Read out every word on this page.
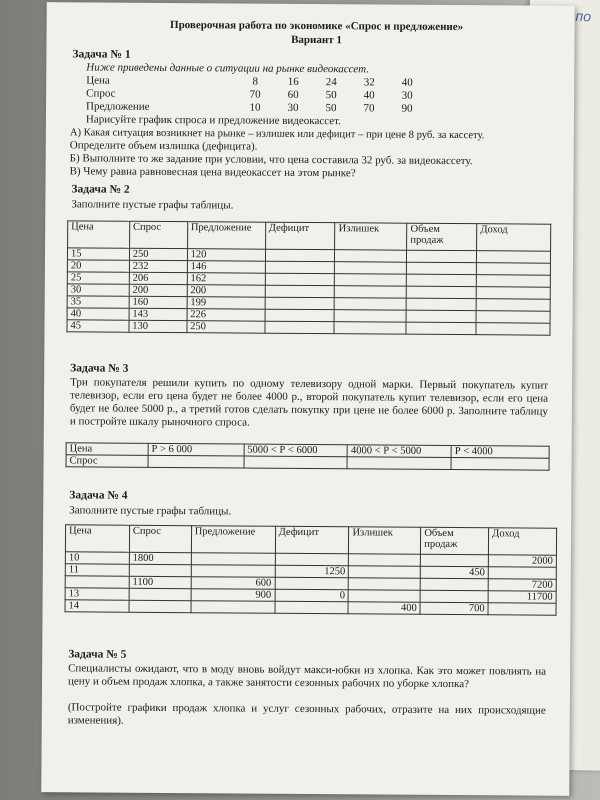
по
Проверочная работа по экономике «Спрос и предложение»
Вариант 1
Задача № 1
Ниже приведены данные о ситуации на рынке видеокассет.
Цена	8	16 24 32 40
Спрос	70 60 50 40 30
Предложение	10 30 50 70 90
Нарисуйте график спроса и предложение видеокассет.
А) Какая ситуация возникнет на рынке – излишек или дефицит – при цене 8 руб. за кассету.
Определите объем излишка (дефицита).
Б) Выполните то же задание при условии, что цена составила 32 руб. за видеокассету.
В) Чему равна равновесная цена видеокассет на этом рынке?
Задача № 2
Заполните пустые графы таблицы.
Цена	Спрос	Предложение	Дефицит	Излишек	Объем продаж	Доход
15	250	120				
20	232	146				
25	206	162				
30	200	200				
35	160	199				
40	143	226				
45	130	250				
Задача № 3
Три покупателя решили купить по одному телевизору одной марки. Первый покупатель купит телевизор, если его цена будет не более 4000 р., второй покупатель купит телевизор, если его цена будет не более 5000 р., а третий готов сделать покупку при цене не более 6000 р. Заполните таблицу и постройте шкалу рыночного спроса.
Цена	Р > 6 000	5000 < Р < 6000	4000 < Р < 5000	Р < 4000
Спрос				
Задача № 4
Заполните пустые графы таблицы.
Цена	Спрос	Предложение	Дефицит	Излишек	Объем продаж	Доход
10	1800					2000
11			1250		450	
	1100	600				7200
13		900	0			11700
14				400	700	
Задача № 5
Специалисты ожидают, что в моду вновь войдут макси-юбки из хлопка. Как это может повлиять на цену и объем продаж хлопка, а также занятости сезонных рабочих по уборке хлопка?
(Постройте графики продаж хлопка и услуг сезонных рабочих, отразите на них происходящие изменения).
